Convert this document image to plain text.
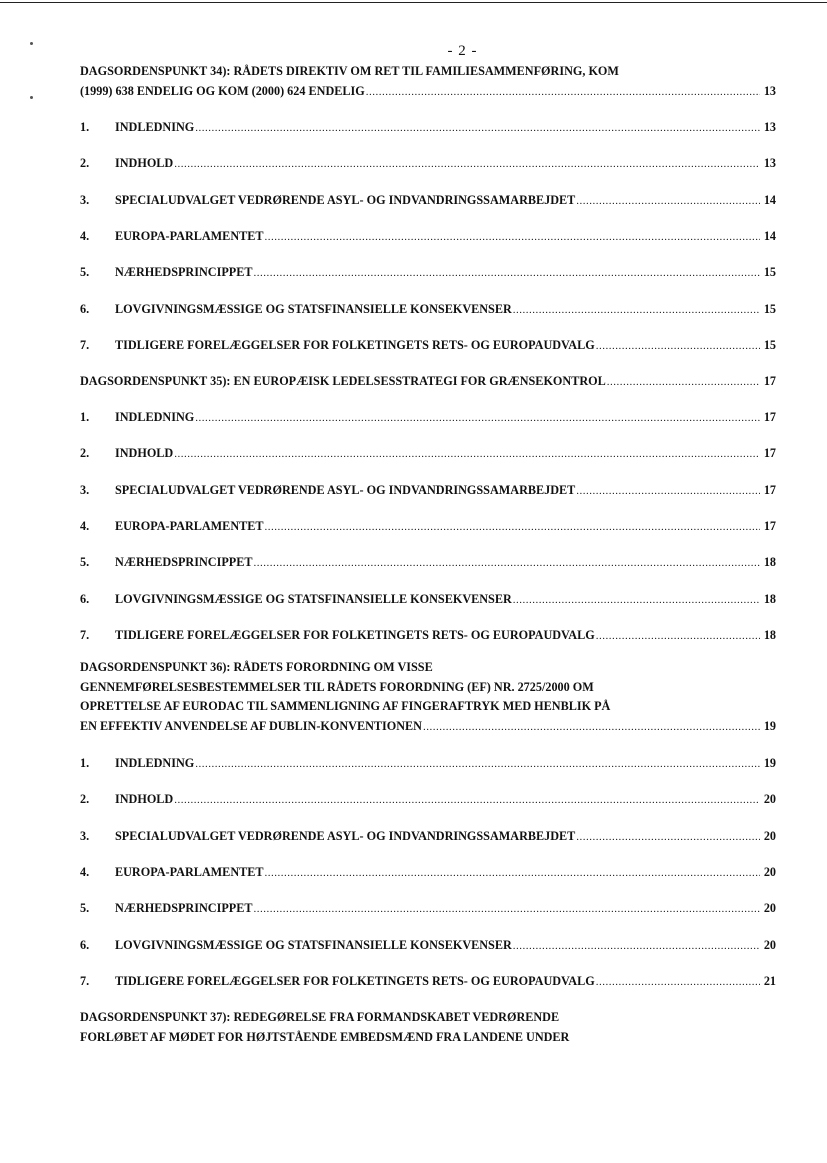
- 2 -
DAGSORDENSPUNKT 34): RÅDETS DIREKTIV OM RET TIL FAMILIESAMMENFØRING, KOM
(1999) 638 ENDELIG OG KOM (2000) 624 ENDELIG .....	13
1.	INDLEDNING .....	13
2.	INDHOLD .....	13
3.	SPECIALUDVALGET VEDRØRENDE ASYL- OG INDVANDRINGSSAMARBEJDET .....	14
4.	EUROPA-PARLAMENTET .....	14
5.	NÆRHEDSPRINCIPPET .....	15
6.	LOVGIVNINGSMÆSSIGE OG STATSFINANSIELLE KONSEKVENSER .....	15
7.	TIDLIGERE FORELÆGGELSER FOR FOLKETINGETS RETS- OG EUROPAUDVALG .....	15
DAGSORDENSPUNKT 35): EN EUROPÆISK LEDELSESSTRATEGI FOR GRÆNSEKONTROL .....	17
1.	INDLEDNING .....	17
2.	INDHOLD .....	17
3.	SPECIALUDVALGET VEDRØRENDE ASYL- OG INDVANDRINGSSAMARBEJDET .....	17
4.	EUROPA-PARLAMENTET .....	17
5.	NÆRHEDSPRINCIPPET .....	18
6.	LOVGIVNINGSMÆSSIGE OG STATSFINANSIELLE KONSEKVENSER .....	18
7.	TIDLIGERE FORELÆGGELSER FOR FOLKETINGETS RETS- OG EUROPAUDVALG .....	18
DAGSORDENSPUNKT 36): RÅDETS FORORDNING OM VISSE
GENNEMFØRELSESBESTEMMELSER TIL RÅDETS FORORDNING (EF) NR. 2725/2000 OM
OPRETTELSE AF EURODAC TIL SAMMENLIGNING AF FINGERAFTRYK MED HENBLIK PÅ
EN EFFEKTIV ANVENDELSE AF DUBLIN-KONVENTIONEN .....	19
1.	INDLEDNING .....	19
2.	INDHOLD .....	20
3.	SPECIALUDVALGET VEDRØRENDE ASYL- OG INDVANDRINGSSAMARBEJDET .....	20
4.	EUROPA-PARLAMENTET .....	20
5.	NÆRHEDSPRINCIPPET .....	20
6.	LOVGIVNINGSMÆSSIGE OG STATSFINANSIELLE KONSEKVENSER .....	20
7.	TIDLIGERE FORELÆGGELSER FOR FOLKETINGETS RETS- OG EUROPAUDVALG .....	21
DAGSORDENSPUNKT 37): REDEGØRELSE FRA FORMANDSKABET VEDRØRENDE
FORLØBET AF MØDET FOR HØJTSTÅENDE EMBEDSMÆND FRA LANDENE UNDER
